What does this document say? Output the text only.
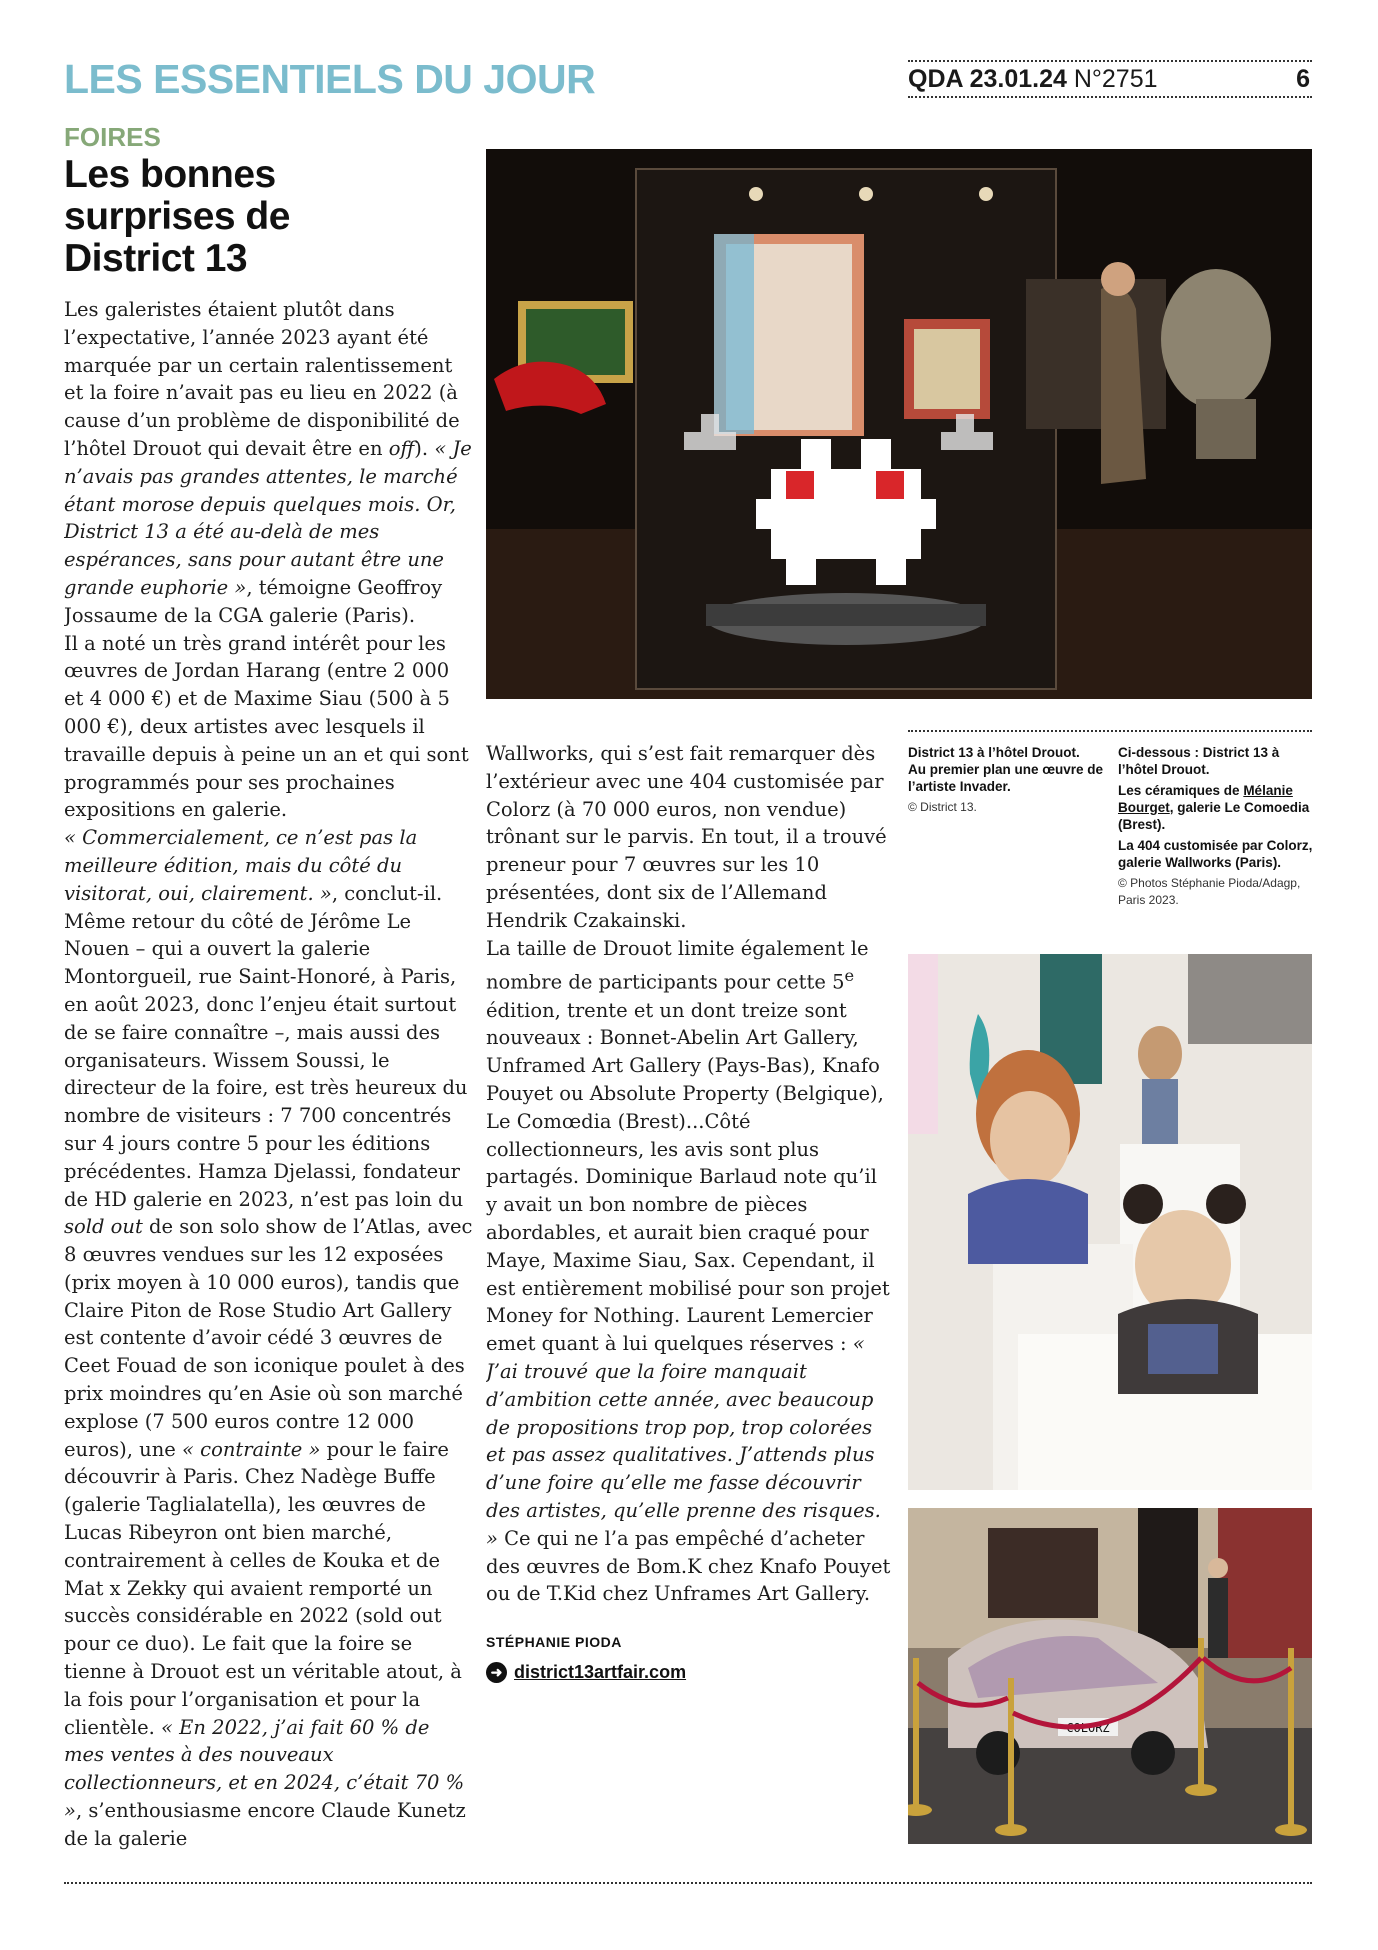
LES ESSENTIELS DU JOUR	QDA 23.01.24 N°2751	6
FOIRES
Les bonnes surprises de District 13

Les galeristes étaient plutôt dans l’expectative, l’année 2023 ayant été marquée par un certain ralentissement et la foire n’avait pas eu lieu en 2022 (à cause d’un problème de disponibilité de l’hôtel Drouot qui devait être en off). « Je n’avais pas grandes attentes, le marché étant morose depuis quelques mois. Or, District 13 a été au-delà de mes espérances, sans pour autant être une grande euphorie », témoigne Geoffroy Jossaume de la CGA galerie (Paris).

Il a noté un très grand intérêt pour les œuvres de Jordan Harang (entre 2 000 et 4 000 €) et de Maxime Siau (500 à 5 000 €), deux artistes avec lesquels il travaille depuis à peine un an et qui sont programmés pour ses prochaines expositions en galerie.

« Commercialement, ce n’est pas la meilleure édition, mais du côté du visitorat, oui, clairement. », conclut-il.

Même retour du côté de Jérôme Le Nouen – qui a ouvert la galerie Montorgueil, rue Saint-Honoré, à Paris, en août 2023, donc l’enjeu était surtout de se faire connaître –, mais aussi des organisateurs. Wissem Soussi, le directeur de la foire, est très heureux du nombre de visiteurs : 7 700 concentrés sur 4 jours contre 5 pour les éditions précédentes. Hamza Djelassi, fondateur de HD galerie en 2023, n’est pas loin du sold out de son solo show de l’Atlas, avec 8 œuvres vendues sur les 12 exposées (prix moyen à 10 000 euros), tandis que Claire Piton de Rose Studio Art Gallery est contente d’avoir cédé 3 œuvres de Ceet Fouad de son iconique poulet à des prix moindres qu’en Asie où son marché explose (7 500 euros contre 12 000 euros), une « contrainte » pour le faire découvrir à Paris. Chez Nadège Buffe (galerie Taglialatella), les œuvres de Lucas Ribeyron ont bien marché, contrairement à celles de Kouka et de Mat x Zekky qui avaient remporté un succès considérable en 2022 (sold out pour ce duo). Le fait que la foire se tienne à Drouot est un véritable atout, à la fois pour l’organisation et pour la clientèle. « En 2022, j’ai fait 60 % de mes ventes à des nouveaux collectionneurs, et en 2024, c’était 70 % », s’enthousiasme encore Claude Kunetz de la galerie

District 13 à l’hôtel Drouot.
Au premier plan une œuvre de l’artiste Invader.

© District 13.

Ci-dessous : District 13 à l’hôtel Drouot.

Les céramiques de Mélanie Bourget, galerie Le Comoedia (Brest).

La 404 customisée par Colorz, galerie Wallworks (Paris).

© Photos Stéphanie Pioda/Adagp, Paris 2023.

Wallworks, qui s’est fait remarquer dès l’extérieur avec une 404 customisée par Colorz (à 70 000 euros, non vendue) trônant sur le parvis. En tout, il a trouvé preneur pour 7 œuvres sur les 10 présentées, dont six de l’Allemand Hendrik Czakainski.

La taille de Drouot limite également le nombre de participants pour cette 5e édition, trente et un dont treize sont nouveaux : Bonnet-Abelin Art Gallery, Unframed Art Gallery (Pays-Bas), Knafo Pouyet ou Absolute Property (Belgique), Le Comœdia (Brest)...Côté collectionneurs, les avis sont plus partagés. Dominique Barlaud note qu’il y avait un bon nombre de pièces abordables, et aurait bien craqué pour Maye, Maxime Siau, Sax. Cependant, il est entièrement mobilisé pour son projet Money for Nothing. Laurent Lemercier emet quant à lui quelques réserves : « J’ai trouvé que la foire manquait d’ambition cette année, avec beaucoup de propositions trop pop, trop colorées et pas assez qualitatives. J’attends plus d’une foire qu’elle me fasse découvrir des artistes, qu’elle prenne des risques. » Ce qui ne l’a pas empêché d’acheter des œuvres de Bom.K chez Knafo Pouyet ou de T.Kid chez Unframes Art Gallery.

STÉPHANIE PIODA
➜ district13artfair.com
COLORZ
